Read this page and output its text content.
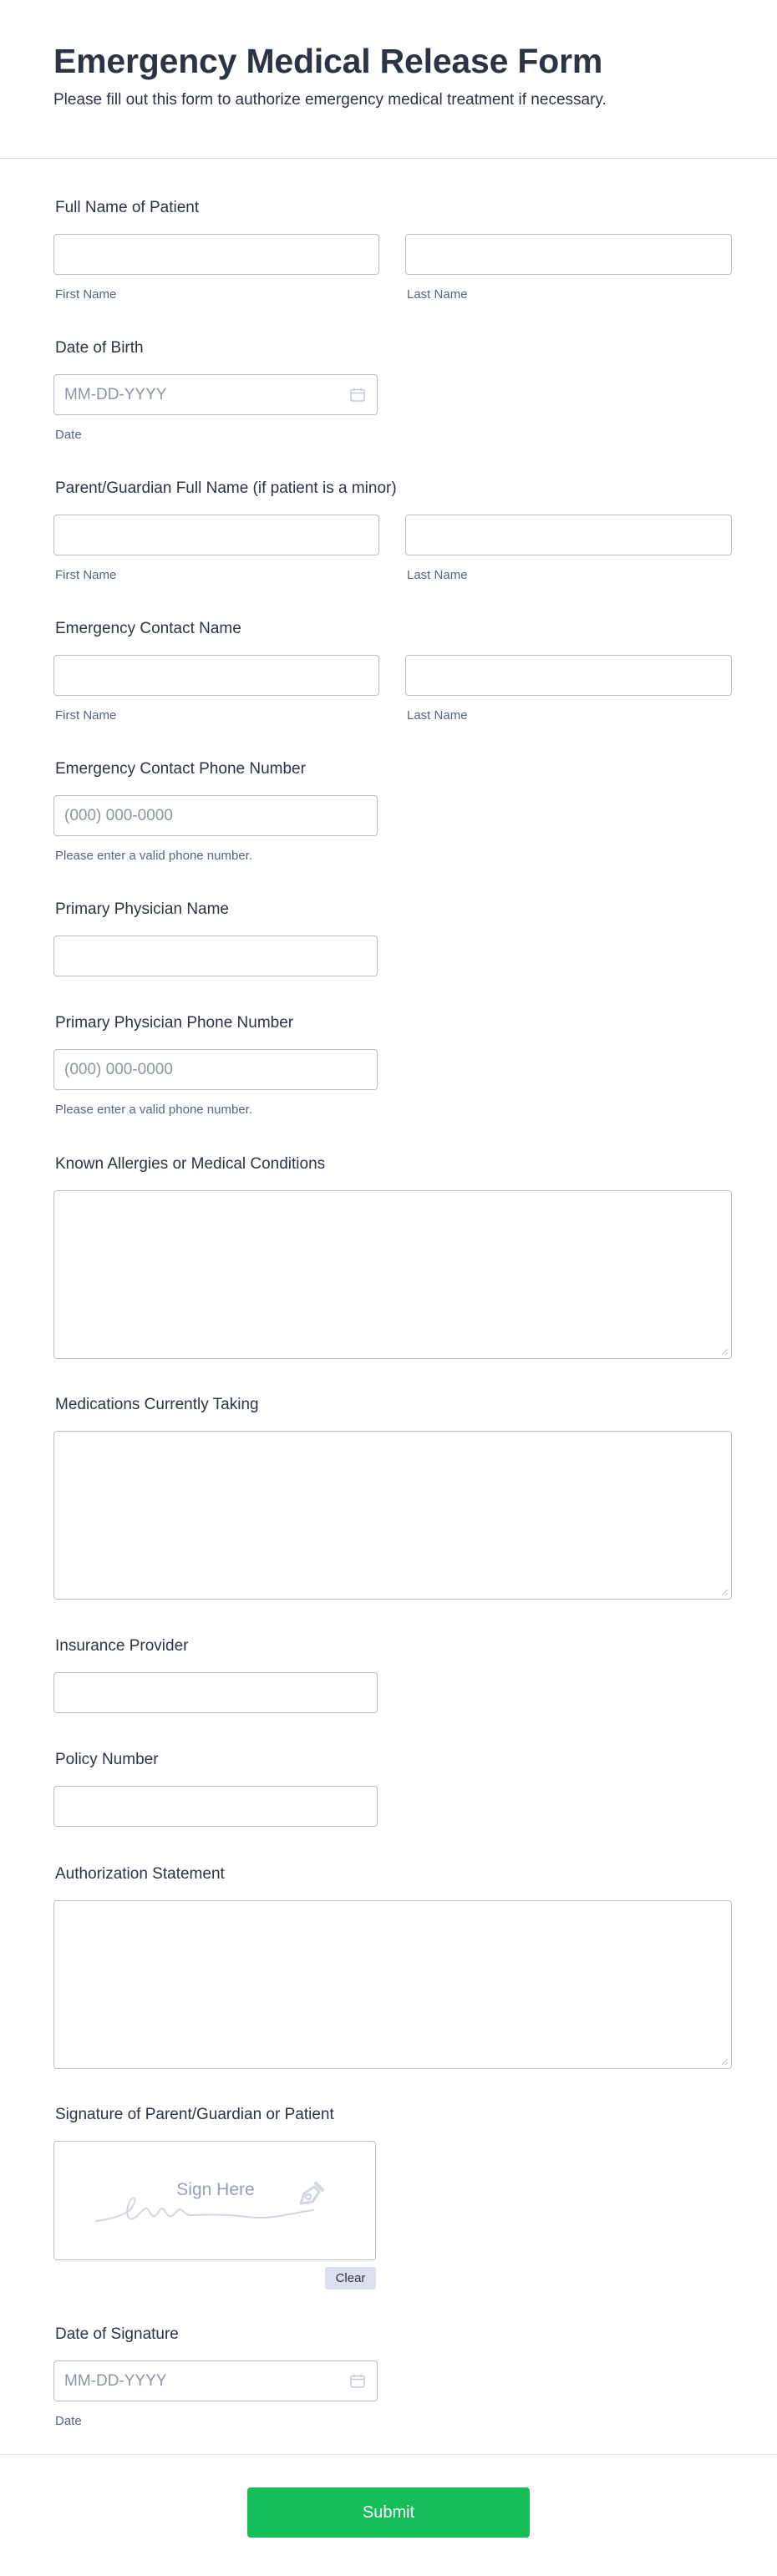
Emergency Medical Release Form

Please fill out this form to authorize emergency medical treatment if necessary.

Full Name of Patient
First Name	Last Name
Date of Birth
MM-DD-YYYY
Date
Parent/Guardian Full Name (if patient is a minor)
First Name	Last Name
Emergency Contact Name
First Name	Last Name
Emergency Contact Phone Number
(000) 000-0000
Please enter a valid phone number.
Primary Physician Name
Primary Physician Phone Number
(000) 000-0000
Please enter a valid phone number.
Known Allergies or Medical Conditions
Medications Currently Taking
Insurance Provider
Policy Number
Authorization Statement
Signature of Parent/Guardian or Patient
Sign Here
Clear
Date of Signature
MM-DD-YYYY
Date
Submit
